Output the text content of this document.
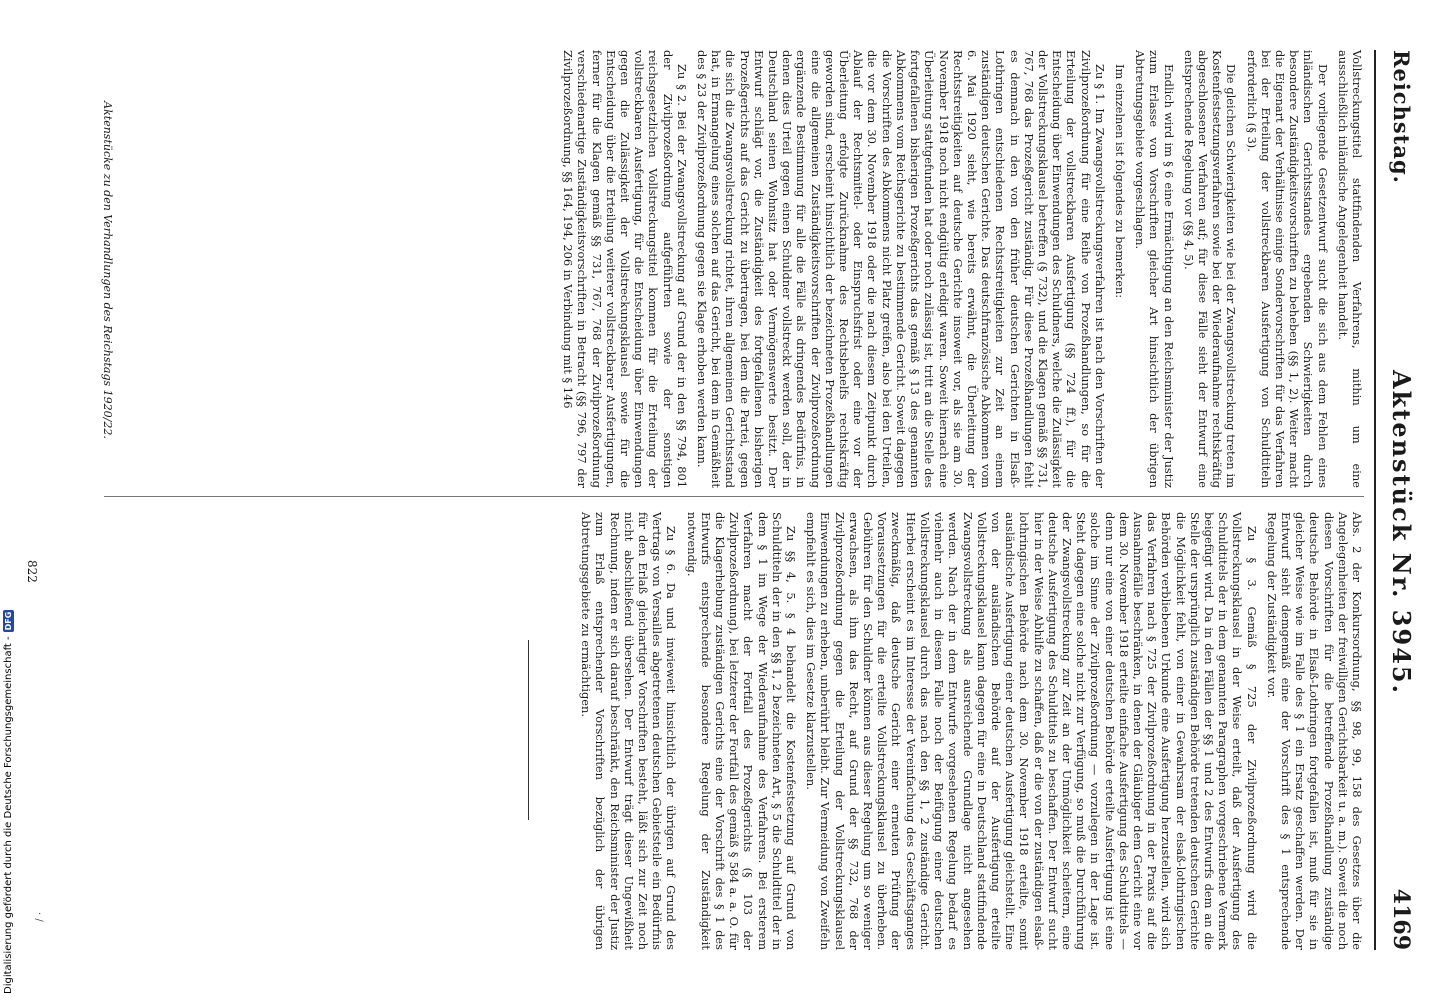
Reichstag.
Aktenstück Nr. 3945.
4169

Vollstreckungstitel stattfindenden Verfahrens, mithin um eine ausschließlich inländische Angelegenheit handelt.

Der vorliegende Gesetzentwurf sucht die sich aus dem Fehlen eines inländischen Gerichtsstandes ergebenden Schwierigkeiten durch besondere Zuständigkeitsvorschriften zu beheben (§§ 1, 2). Weiter macht die Eigenart der Verhältnisse einige Sondervorschriften für das Verfahren bei der Erteilung der vollstreckbaren Ausfertigung von Schuldtiteln erforderlich (§ 3).

Die gleichen Schwierigkeiten wie bei der Zwangsvollstreckung treten im Kostenfestsetzungsverfahren sowie bei der Wiederaufnahme rechtskräftig abgeschlossener Verfahren auf; für diese Fälle sieht der Entwurf eine entsprechende Regelung vor (§§ 4, 5).

Endlich wird im § 6 eine Ermächtigung an den Reichsminister der Justiz zum Erlasse von Vorschriften gleicher Art hinsichtlich der übrigen Abtretungsgebiete vorgeschlagen.

Im einzelnen ist folgendes zu bemerken:

Zu § 1. Im Zwangsvollstreckungsverfahren ist nach den Vorschriften der Zivilprozeßordnung für eine Reihe von Prozeßhandlungen, so für die Erteilung der vollstreckbaren Ausfertigung (§§ 724 ff.), für die Entscheidung über Einwendungen des Schuldners, welche die Zulässigkeit der Vollstreckungsklausel betreffen (§ 732), und die Klagen gemäß §§ 731, 767, 768 das Prozeßgericht zuständig. Für diese Prozeßhandlungen fehlt es demnach in den von den früher deutschen Gerichten in Elsaß-Lothringen entschiedenen Rechtsstreitigkeiten zur Zeit an einem zuständigen deutschen Gerichte. Das deutschfranzösische Abkommen vom 6. Mai 1920 sieht, wie bereits erwähnt, die Überleitung der Rechtsstreitigkeiten auf deutsche Gerichte insoweit vor, als sie am 30. November 1918 noch nicht endgültig erledigt waren. Soweit hiernach eine Überleitung stattgefunden hat oder noch zulässig ist, tritt an die Stelle des fortgefallenen bisherigen Prozeßgerichts das gemäß § 13 des genannten Abkommens vom Reichsgerichte zu bestimmende Gericht. Soweit dagegen die Vorschriften des Abkommens nicht Platz greifen, also bei den Urteilen, die vor dem 30. November 1918 oder die nach diesem Zeitpunkt durch Ablauf der Rechtsmittel- oder Einspruchsfrist oder eine vor der Überleitung erfolgte Zurücknahme des Rechtsbehelfs rechtskräftig geworden sind, erscheint hinsichtlich der bezeichneten Prozeßhandlungen eine die allgemeinen Zuständigkeitsvorschriften der Zivilprozeßordnung ergänzende Bestimmung für alle die Fälle als dringendes Bedürfnis, in denen dies Urteil gegen einen Schuldner vollstreckt werden soll, der in Deutschland seinen Wohnsitz hat oder Vermögenswerte besitzt. Der Entwurf schlägt vor, die Zuständigkeit des fortgefallenen bisherigen Prozeßgerichts auf das Gericht zu übertragen, bei dem die Partei, gegen die sich die Zwangsvollstreckung richtet, ihren allgemeinen Gerichtsstand hat, in Ermangelung eines solchen auf das Gericht, bei dem in Gemäßheit des § 23 der Zivilprozeßordnung gegen sie Klage erhoben werden kann.

Zu § 2. Bei der Zwangsvollstreckung auf Grund der in den §§ 794, 801 der Zivilprozeßordnung aufgeführten sowie der sonstigen reichsgesetzlichen Vollstreckungstitel kommen für die Erteilung der vollstreckbaren Ausfertigung, für die Entscheidung über Einwendungen gegen die Zulässigkeit der Vollstreckungsklausel sowie für die Entscheidung über die Erteilung weiterer vollstreckbarer Ausfertigungen, ferner für die Klagen gemäß §§ 731, 767, 768 der Zivilprozeßordnung verschiedenartige Zuständigkeitsvorschriften in Betracht (§§ 796, 797 der Zivilprozeßordnung, §§ 164, 194, 206 in Verbindung mit § 146

Abs. 2 der Konkursordnung, §§ 98, 99, 158 des Gesetzes über die Angelegenheiten der freiwilligen Gerichtsbarkeit u. a. m.). Soweit die noch diesen Vorschriften für die betreffende Prozeßhandlung zuständige deutsche Behörde in Elsaß-Lothringen fortgefallen ist, muß für sie in gleicher Weise wie im Falle des § 1 ein Ersatz geschaffen werden. Der Entwurf sieht demgemäß eine der Vorschrift des § 1 entsprechende Regelung der Zuständigkeit vor.

Zu § 3. Gemäß § 725 der Zivilprozeßordnung wird die Vollstreckungsklausel in der Weise erteilt, daß der Ausfertigung des Schuldtitels der in dem genannten Paragraphen vorgeschriebene Vermerk beigefügt wird. Da in den Fällen der §§ 1 und 2 des Entwurfs dem an die Stelle der ursprünglich zuständigen Behörde tretenden deutschen Gerichte die Möglichkeit fehlt, von einer in Gewahrsam der elsaß-lothringischen Behörden verbliebenen Urkunde eine Ausfertigung herzustellen, wird sich das Verfahren nach § 725 der Zivilprozeßordnung in der Praxis auf die Ausnahmefälle beschränken, in denen der Gläubiger dem Gericht eine vor dem 30. November 1918 erteilte einfache Ausfertigung des Schuldtitels — denn nur eine von einer deutschen Behörde erteilte Ausfertigung ist eine solche im Sinne der Zivilprozeßordnung — vorzulegen in der Lage ist. Steht dagegen eine solche nicht zur Verfügung, so muß die Durchführung der Zwangsvollstreckung zur Zeit an der Unmöglichkeit scheitern, eine deutsche Ausfertigung des Schuldtitels zu beschaffen. Der Entwurf sucht hier in der Weise Abhilfe zu schaffen, daß er die von der zuständigen elsaß-lothringischen Behörde nach dem 30. November 1918 erteilte, somit ausländische Ausfertigung einer deutschen Ausfertigung gleichstellt. Eine von der ausländischen Behörde auf der Ausfertigung erteilte Vollstreckungsklausel kann dagegen für eine in Deutschland stattfindende Zwangsvollstreckung als ausreichende Grundlage nicht angesehen werden. Nach der in dem Entwurfe vorgesehenen Regelung bedarf es vielmehr auch in diesem Falle noch der Beifügung einer deutschen Vollstreckungsklausel durch das nach den §§ 1, 2 zuständige Gericht. Hierbei erscheint es im Interesse der Vereinfachung des Geschäftsganges zweckmäßig, daß deutsche Gericht einer erneuten Prüfung der Voraussetzungen für die erteilte Vollstreckungsklausel zu überheben. Gebühren für den Schuldner können aus dieser Regelung um so weniger erwachsen, als ihm das Recht, auf Grund der §§ 732, 768 der Zivilprozeßordnung gegen die Erteilung der Vollstreckungsklausel Einwendungen zu erheben, unberührt bleibt. Zur Vermeidung von Zweifeln empfiehlt es sich, dies im Gesetze klarzustellen.

Zu §§ 4, 5. § 4 behandelt die Kostenfestsetzung auf Grund von Schuldtiteln der in den §§ 1, 2 bezeichneten Art, § 5 die Schuldtitel der in dem § 1 im Wege der Wiederaufnahme des Verfahrens. Bei ersterem Verfahren macht der Fortfall des Prozeßgerichts (§ 103 der Zivilprozeßordnung), bei letzterer der Fortfall des gemäß § 584 a. a. O. für die Klagerhebung zuständigen Gerichts eine der Vorschrift des § 1 des Entwurfs entsprechende besondere Regelung der Zuständigkeit notwendig.

Zu § 6. Da und inwieweit hinsichtlich der übrigen auf Grund des Vertrags von Versailles abgetretenen deutschen Gebietsteile ein Bedürfnis für den Erlaß gleichartiger Vorschriften besteht, läßt sich zur Zeit noch nicht abschließend übersehen. Der Entwurf trägt dieser Ungewißheit Rechnung, indem er sich darauf beschränkt, den Reichsminister der Justiz zum Erlaß entsprechender Vorschriften bezüglich der übrigen Abtretungsgebiete zu ermächtigen.

Aktenstücke zu den Verhandlungen des Reichstags 1920/22.
822
· /
Digitalisierung gefördert durch die Deutsche Forschungsgemeinschaft -
DFG
